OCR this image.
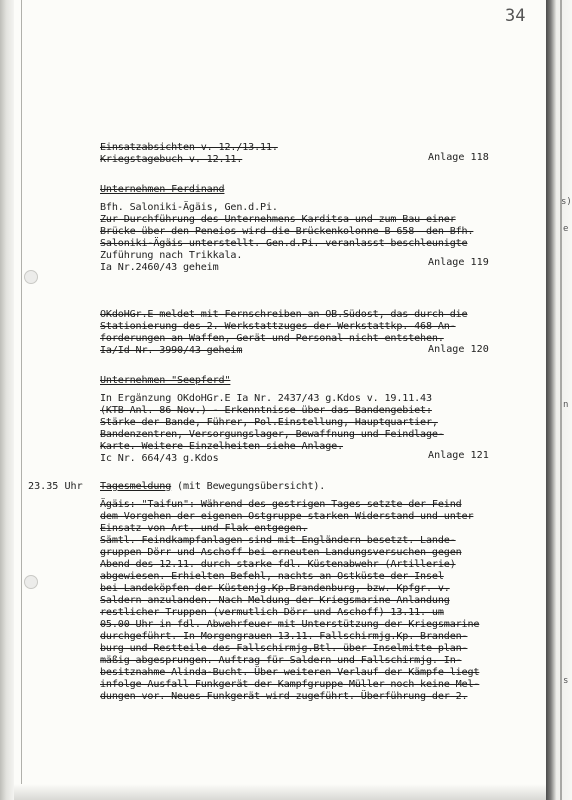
34
Einsatzabsichten v. 12./13.11.
Kriegstagebuch v. 12.11.	Anlage 118
Unternehmen Ferdinand
Bfh. Saloniki-Ägäis, Gen.d.Pi.
Zur Durchführung des Unternehmens Karditsa und zum Bau einer
Brücke über den Peneios wird die Brückenkolonne B 658  den Bfh.
Saloniki-Ägäis unterstellt. Gen.d.Pi. veranlasst beschleunigte
Zuführung nach Trikkala.
Ia Nr.2460/43 geheim	Anlage 119
OKdoHGr.E meldet mit Fernschreiben an OB.Südost, das durch die
Stationierung des 2. Werkstattzuges der Werkstattkp. 468 An-
forderungen an Waffen, Gerät und Personal nicht entstehen.
Ia/Id Nr. 3990/43 geheim	Anlage 120
Unternehmen "Seepferd"
In Ergänzung OKdoHGr.E Ia Nr. 2437/43 g.Kdos v. 19.11.43
(KTB Anl. 86 Nov.) - Erkenntnisse über das Bandengebiet:
Stärke der Bande, Führer, Pol.Einstellung, Hauptquartier,
Bandenzentren, Versorgungslager, Bewaffnung und Feindlage-
Karte. Weitere Einzelheiten siehe Anlage.
Ic Nr. 664/43 g.Kdos	Anlage 121
23.35 Uhr Tagesmeldung (mit Bewegungsübersicht).
Ägäis: "Taifun": Während des gestrigen Tages setzte der Feind
dem Vorgehen der eigenen Ostgruppe starken Widerstand und unter
Einsatz von Art. und Flak entgegen.
Sämtl. Feindkampfanlagen sind mit Engländern besetzt. Lande-
gruppen Dörr und Aschoff bei erneuten Landungsversuchen gegen
Abend des 12.11. durch starke fdl. Küstenabwehr (Artillerie)
abgewiesen. Erhielten Befehl, nachts an Ostküste der Insel
bei Landeköpfen der Küstenjg.Kp.Brandenburg, bzw. Kpfgr. v.
Saldern anzulanden. Nach Meldung der Kriegsmarine Anlandung
restlicher Truppen (vermutlich Dörr und Aschoff) 13.11. um
05.00 Uhr in fdl. Abwehrfeuer mit Unterstützung der Kriegsmarine
durchgeführt. In Morgengrauen 13.11. Fallschirmjg.Kp. Branden-
burg und Restteile des Fallschirmjg.Btl. über Inselmitte plan-
mäßig abgesprungen. Auftrag für Saldern und Fallschirmjg. In-
besitznahme Alinda-Bucht. Über weiteren Verlauf der Kämpfe liegt
infolge Ausfall Funkgerät der Kampfgruppe Müller noch keine Mel-
dungen vor. Neues Funkgerät wird zugeführt. Überführung der 2.
s)
e
n
s
